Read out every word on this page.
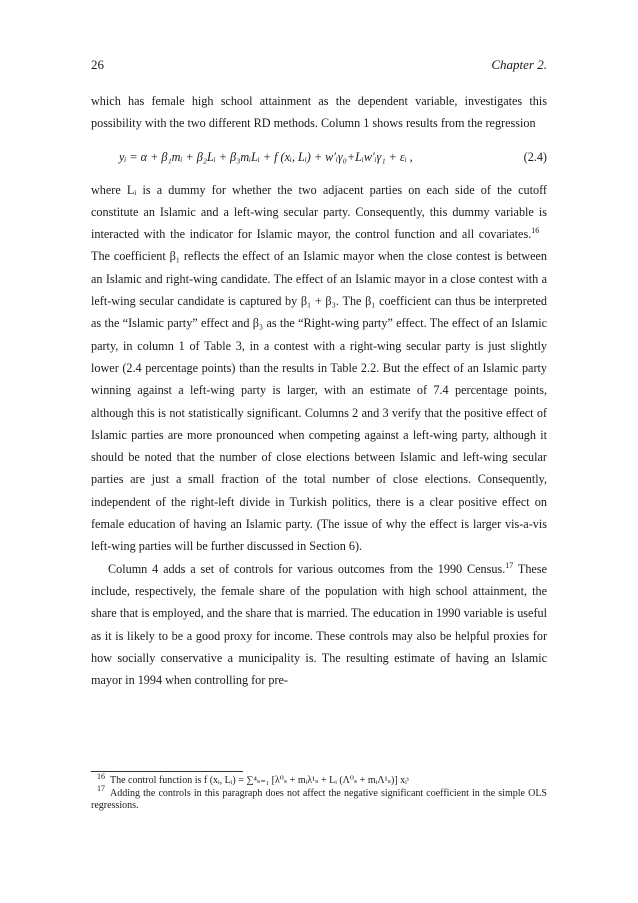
26	Chapter 2.

which has female high school attainment as the dependent variable, investigates this possibility with the two different RD methods. Column 1 shows results from the regression

yᵢ = α + β₁mᵢ + β₂Lᵢ + β₃mᵢLᵢ + f (xᵢ, Lᵢ) + w′ᵢγ₀+Lᵢw′ᵢγ₁ + εᵢ ,	(2.4)

where Lᵢ is a dummy for whether the two adjacent parties on each side of the cutoff constitute an Islamic and a left-wing secular party. Consequently, this dummy variable is interacted with the indicator for Islamic mayor, the control function and all covariates.$^{16}$   The coefficient β₁ reflects the effect of an Islamic mayor when the close contest is between an Islamic and right-wing candidate. The effect of an Islamic mayor in a close contest with a left-wing secular candidate is captured by β₁ + β₃. The β₁ coefficient can thus be interpreted as the “Islamic party” effect and β₃ as the “Right-wing party” effect. The effect of an Islamic party, in column 1 of Table 3, in a contest with a right-wing secular party is just slightly lower (2.4 percentage points) than the results in Table 2.2. But the effect of an Islamic party winning against a left-wing party is larger, with an estimate of 7.4 percentage points, although this is not statistically significant. Columns 2 and 3 verify that the positive effect of Islamic parties are more pronounced when competing against a left-wing party, although it should be noted that the number of close elections between Islamic and left-wing secular parties are just a small fraction of the total number of close elections. Consequently, independent of the right-left divide in Turkish politics, there is a clear positive effect on female education of having an Islamic party. (The issue of why the effect is larger vis-a-vis left-wing parties will be further discussed in Section 6).

Column 4 adds a set of controls for various outcomes from the 1990 Census.$^{17}$ These include, respectively, the female share of the population with high school attainment, the share that is employed, and the share that is married. The education in 1990 variable is useful as it is likely to be a good proxy for income. These controls may also be helpful proxies for how socially conservative a municipality is. The resulting estimate of having an Islamic mayor in 1994 when controlling for pre-

$^{16}$ The control function is f (xᵢ, Lᵢ) = ∑⁴ₛ₌₁ [λ⁰ₛ + mᵢλ¹ₛ + Lᵢ (Λ⁰ₛ + mᵢΛ¹ₛ)] xᵢˢ

$^{17}$ Adding the controls in this paragraph does not affect the negative significant coefficient in the simple OLS regressions.
